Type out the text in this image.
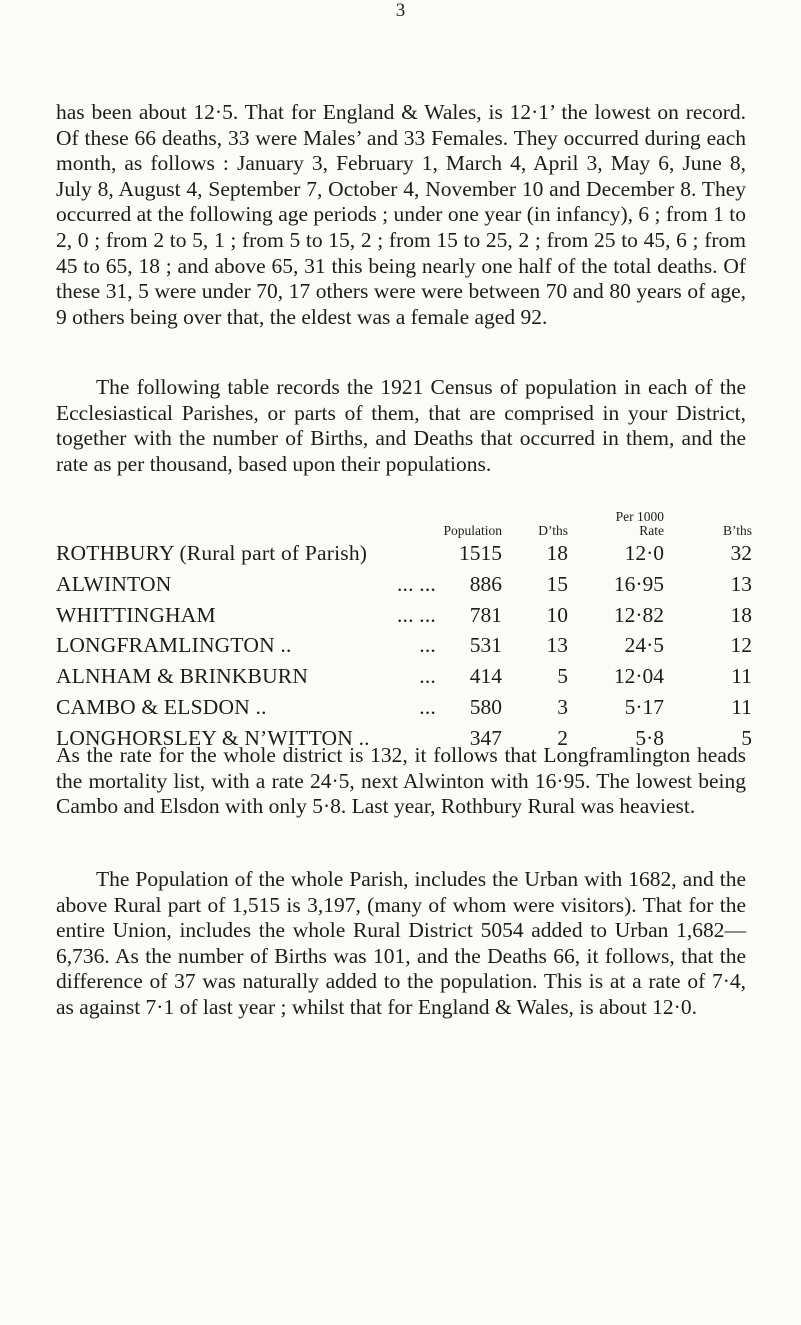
3

has been about 12·5. That for England & Wales, is 12·1’ the lowest on record. Of these 66 deaths, 33 were Males’ and 33 Females. They occurred during each month, as follows : January 3, February 1, March 4, April 3, May 6, June 8, July 8, August 4, September 7, October 4, November 10 and December 8. They occurred at the following age periods ; under one year (in infancy), 6 ; from 1 to 2, 0 ; from 2 to 5, 1 ; from 5 to 15, 2 ; from 15 to 25, 2 ; from 25 to 45, 6 ; from 45 to 65, 18 ; and above 65, 31 this being nearly one half of the total deaths. Of these 31, 5 were under 70, 17 others were were between 70 and 80 years of age, 9 others being over that, the eldest was a female aged 92.

The following table records the 1921 Census of population in each of the Ecclesiastical Parishes, or parts of them, that are comprised in your District, together with the number of Births, and Deaths that occurred in them, and the rate as per thousand, based upon their populations.

Population		D’ths	Per 1000
Rate	B’ths
ROTHBURY (Rural part of Parish)	1515	18	12·0	32
ALWINTON ... ...	886	15	16·95	13
WHITTINGHAM ... ...	781	10	12·82	18
LONGFRAMLINGTON .. ...	531	13	24·5	12
ALNHAM & BRINKBURN ...	414	5	12·04	11
CAMBO & ELSDON .. ...	580	3	5·17	11
LONGHORSLEY & N’WITTON ..	347	2	5·8	5

As the rate for the whole district is 132, it follows that Longframlington heads the mortality list, with a rate 24·5, next Alwinton with 16·95. The lowest being Cambo and Elsdon with only 5·8. Last year, Rothbury Rural was heaviest.

The Population of the whole Parish, includes the Urban with 1682, and the above Rural part of 1,515 is 3,197, (many of whom were visitors). That for the entire Union, includes the whole Rural District 5054 added to Urban 1,682—6,736. As the number of Births was 101, and the Deaths 66, it follows, that the difference of 37 was naturally added to the population. This is at a rate of 7·4, as against 7·1 of last year ; whilst that for England & Wales, is about 12·0.
